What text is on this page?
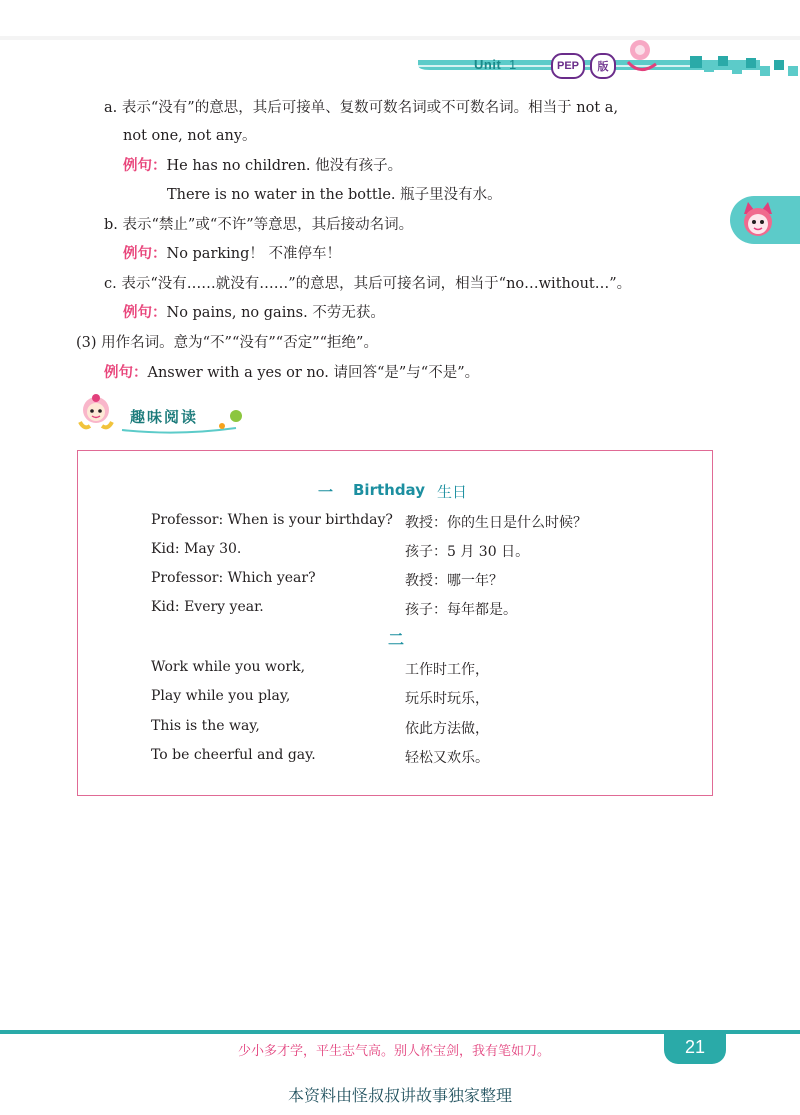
Unit 1	PEP	版
a. 表示“没有”的意思，其后可接单、复数可数名词或不可数名词。相当于 not a,
not one, not any。
例句：He has no children. 他没有孩子。
There is no water in the bottle. 瓶子里没有水。
b. 表示“禁止”或“不许”等意思，其后接动名词。
例句：No parking！ 不准停车！
c. 表示“没有……就没有……”的意思，其后可接名词，相当于“no…without…”。
例句：No pains, no gains. 不劳无获。
(3) 用作名词。意为“不”“没有”“否定”“拒绝”。
例句：Answer with a yes or no. 请回答“是”与“不是”。
趣味阅读
一 Birthday 生日
Professor: When is your birthday? 教授：你的生日是什么时候？
Kid: May 30.	孩子：5 月 30 日。
Professor: Which year?	教授：哪一年？
Kid: Every year.	孩子：每年都是。
二
Work while you work,	工作时工作，
Play while you play,	玩乐时玩乐，
This is the way,	依此方法做，
To be cheerful and gay.	轻松又欢乐。
少小多才学，平生志气高。别人怀宝剑，我有笔如刀。	21
本资料由怪叔叔讲故事独家整理
